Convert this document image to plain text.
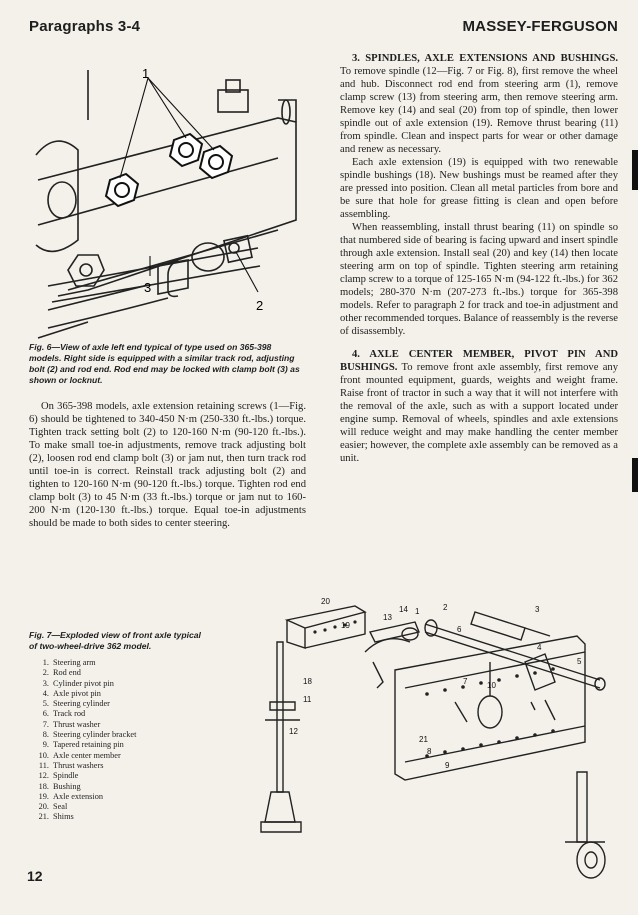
Paragraphs 3-4	MASSEY-FERGUSON
1
3
2

Fig. 6—View of axle left end typical of type used on 365-398 models. Right side is equipped with a similar track rod, adjusting bolt (2) and rod end. Rod end may be locked with clamp bolt (3) as shown or locknut.

On 365-398 models, axle extension retaining screws (1—Fig. 6) should be tightened to 340-450 N·m (250-330 ft.-lbs.) torque. Tighten track setting bolt (2) to 120-160 N·m (90-120 ft.-lbs.). To make small toe-in adjustments, remove track adjusting bolt (2), loosen rod end clamp bolt (3) or jam nut, then turn track rod until toe-in is correct. Reinstall track adjusting bolt (2) and tighten to 120-160 N·m (90-120 ft.-lbs.) torque. Tighten rod end clamp bolt (3) to 45 N·m (33 ft.-lbs.) torque or jam nut to 160-200 N·m (120-130 ft.-lbs.) torque. Equal toe-in adjustments should be made to both sides to center steering.

Fig. 7—Exploded view of front axle typical of two-wheel-drive 362 model.

1. Steering arm
2. Rod end
3. Cylinder pivot pin
4. Axle pivot pin
5. Steering cylinder
6. Track rod
7. Thrust washer
8. Steering cylinder bracket
9. Tapered retaining pin
10. Axle center member
11. Thrust washers
12. Spindle
18. Bushing
19. Axle extension
20. Seal
21. Shims
20
19
13
14 1	2	3
4
5
6
7
8
9
10
11
12
18
21

3. SPINDLES, AXLE EXTENSIONS AND BUSHINGS. To remove spindle (12—Fig. 7 or Fig. 8), first remove the wheel and hub. Disconnect rod end from steering arm (1), remove clamp screw (13) from steering arm, then remove steering arm. Remove key (14) and seal (20) from top of spindle, then lower spindle out of axle extension (19). Remove thrust bearing (11) from spindle. Clean and inspect parts for wear or other damage and renew as necessary.

Each axle extension (19) is equipped with two renewable spindle bushings (18). New bushings must be reamed after they are pressed into position. Clean all metal particles from bore and be sure that hole for grease fitting is clean and open before assembling.

When reassembling, install thrust bearing (11) on spindle so that numbered side of bearing is facing upward and insert spindle through axle extension. Install seal (20) and key (14) then locate steering arm on top of spindle. Tighten steering arm retaining clamp screw to a torque of 125-165 N·m (94-122 ft.-lbs.) for 362 models; 280-370 N·m (207-273 ft.-lbs.) torque for 365-398 models. Refer to paragraph 2 for track and toe-in adjustment and other recommended torques. Balance of reassembly is the reverse of disassembly.

4. AXLE CENTER MEMBER, PIVOT PIN AND BUSHINGS. To remove front axle assembly, first remove any front mounted equipment, guards, weights and weight frame. Raise front of tractor in such a way that it will not interfere with the removal of the axle, such as with a support located under engine sump. Removal of wheels, spindles and axle extensions will reduce weight and may make handling the center member easier; however, the complete axle assembly can be removed as a unit.

12
